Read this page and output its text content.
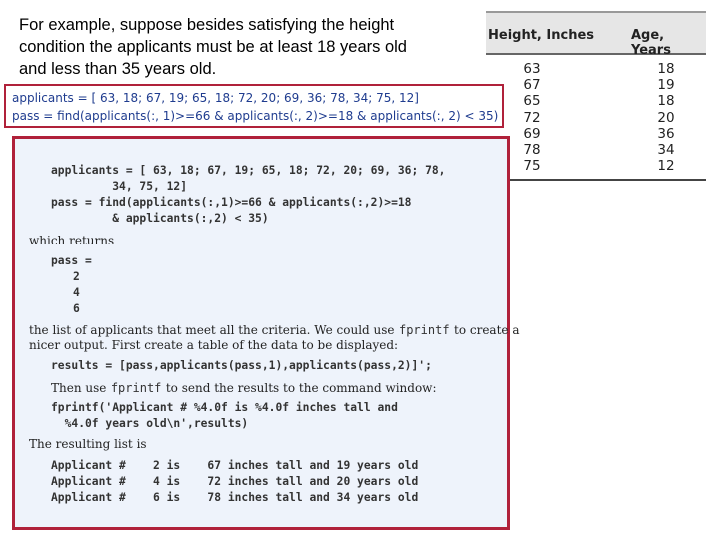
For example, suppose besides satisfying the height
condition the applicants must be at least 18 years old
and less than 35 years old.
Height, Inches	Age, Years
63
67
65
72
69
78
75
18
19
18
20
36
34
12
applicants = [ 63, 18; 67, 19; 65, 18; 72, 20; 69, 36; 78, 34; 75, 12]
pass = find(applicants(:, 1)>=66 & applicants(:, 2)>=18 & applicants(:, 2) < 35)
applicants = [ 63, 18; 67, 19; 65, 18; 72, 20; 69, 36; 78,
34, 75, 12]
pass = find(applicants(:,1)>=66 & applicants(:,2)>=18
& applicants(:,2) < 35)
which returns
pass =
2
4
6
the list of applicants that meet all the criteria. We could use fprintf to create a
nicer output. First create a table of the data to be displayed:
results = [pass,applicants(pass,1),applicants(pass,2)]';
Then use fprintf to send the results to the command window:
fprintf('Applicant # %4.0f is %4.0f inches tall and
%4.0f years old\n',results)
The resulting list is
Applicant #    2 is    67 inches tall and 19 years old
Applicant #    4 is    72 inches tall and 20 years old
Applicant #    6 is    78 inches tall and 34 years old
